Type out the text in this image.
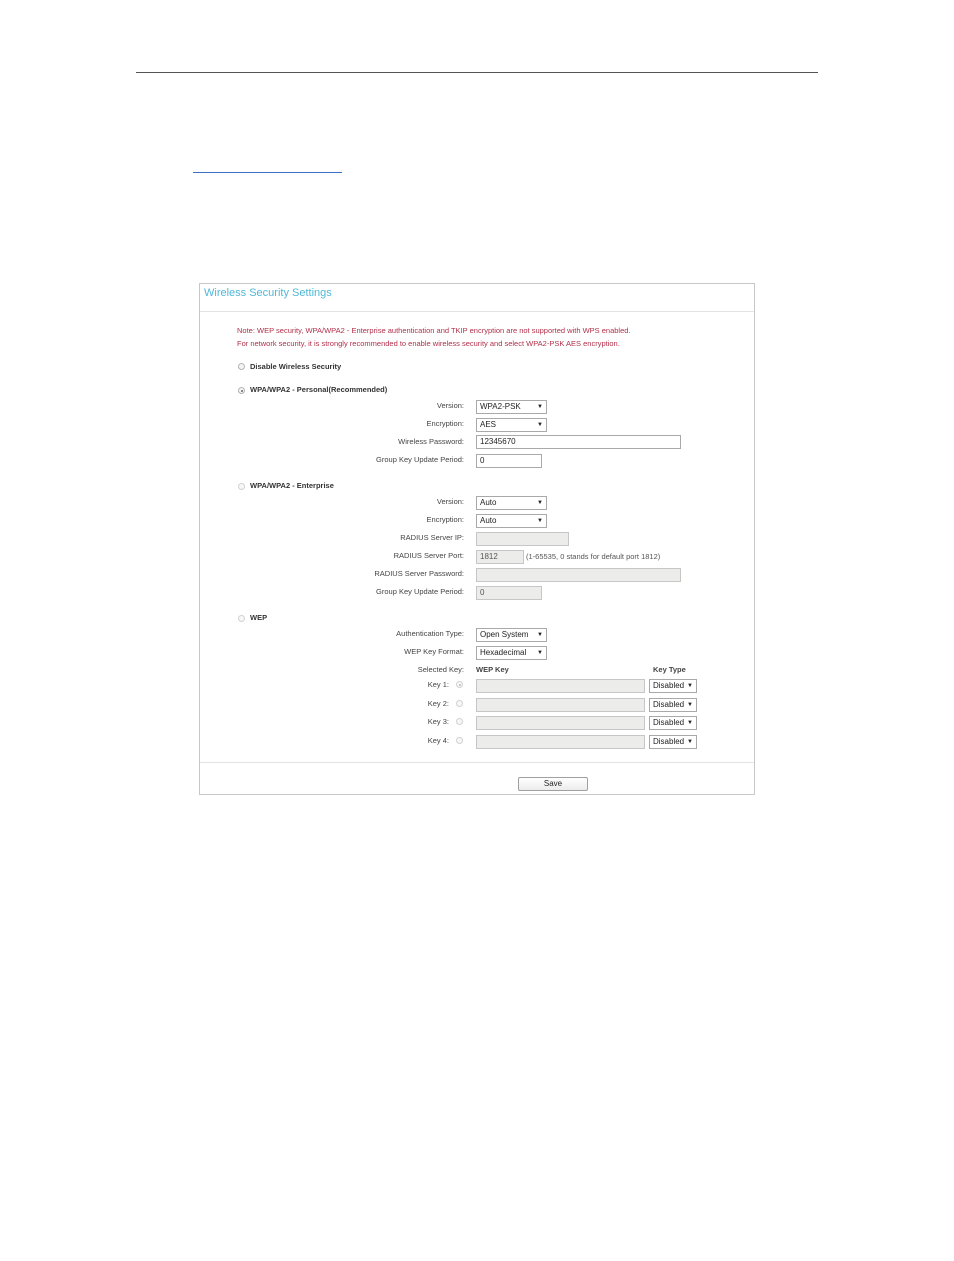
Wireless Security Settings
Note: WEP security, WPA/WPA2 - Enterprise authentication and TKIP encryption are not supported with WPS enabled.
For network security, it is strongly recommended to enable wireless security and select WPA2-PSK AES encryption.
Disable Wireless Security
WPA/WPA2 - Personal(Recommended)
Version:	WPA2-PSK	▼
Encryption:	AES	▼
Wireless Password:	12345670
Group Key Update Period:	0
WPA/WPA2 - Enterprise
Version:	Auto	▼
Encryption:	Auto	▼
RADIUS Server IP:
RADIUS Server Port:	1812	(1-65535, 0 stands for default port 1812)
RADIUS Server Password:
Group Key Update Period:	0
WEP
Authentication Type:	Open System ▼
WEP Key Format:	Hexadecimal ▼
Selected Key: WEP Key	Key Type
Key 1:	Disabled ▼
Key 2:	Disabled ▼
Key 3:	Disabled ▼
Key 4:	Disabled ▼
Save
